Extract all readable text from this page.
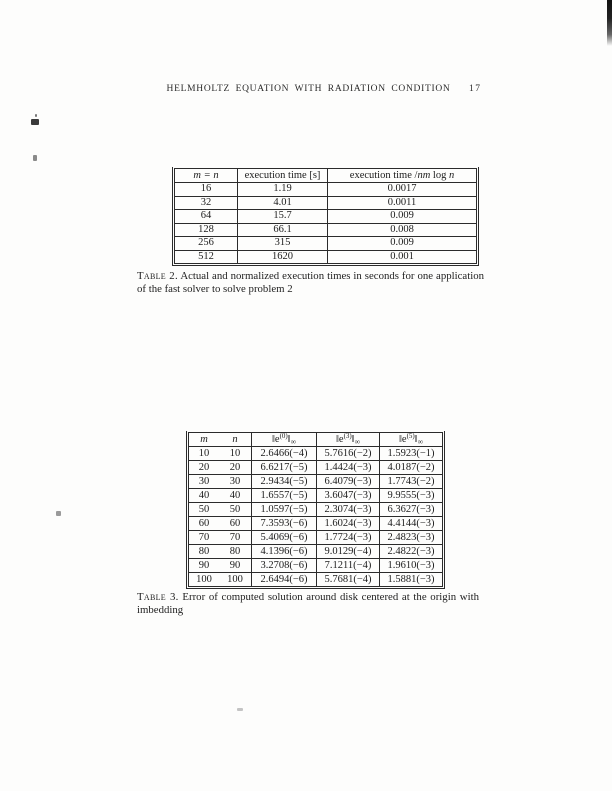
HELMHOLTZ EQUATION WITH RADIATION CONDITION	17
m = n	execution time [s]	execution time /nm log n
16	1.19	0.0017
32	4.01	0.0011
64	15.7	0.009
128	66.1	0.008
256	315	0.009
512	1620	0.001
Table 2. Actual and normalized execution times in seconds for one application of the fast solver to solve problem 2
m	n	$‖e^{(0)}‖_\infty$	$‖e^{(3)}‖_\infty$	$‖e^{(5)}‖_\infty$
10	10	2.6466(−4)	5.7616(−2)	1.5923(−1)
20	20	6.6217(−5)	1.4424(−3)	4.0187(−2)
30	30	2.9434(−5)	6.4079(−3)	1.7743(−2)
40	40	1.6557(−5)	3.6047(−3)	9.9555(−3)
50	50	1.0597(−5)	2.3074(−3)	6.3627(−3)
60	60	7.3593(−6)	1.6024(−3)	4.4144(−3)
70	70	5.4069(−6)	1.7724(−3)	2.4823(−3)
80	80	4.1396(−6)	9.0129(−4)	2.4822(−3)
90	90	3.2708(−6)	7.1211(−4)	1.9610(−3)
100	100	2.6494(−6)	5.7681(−4)	1.5881(−3)
Table 3. Error of computed solution around disk centered at the origin with imbedding
